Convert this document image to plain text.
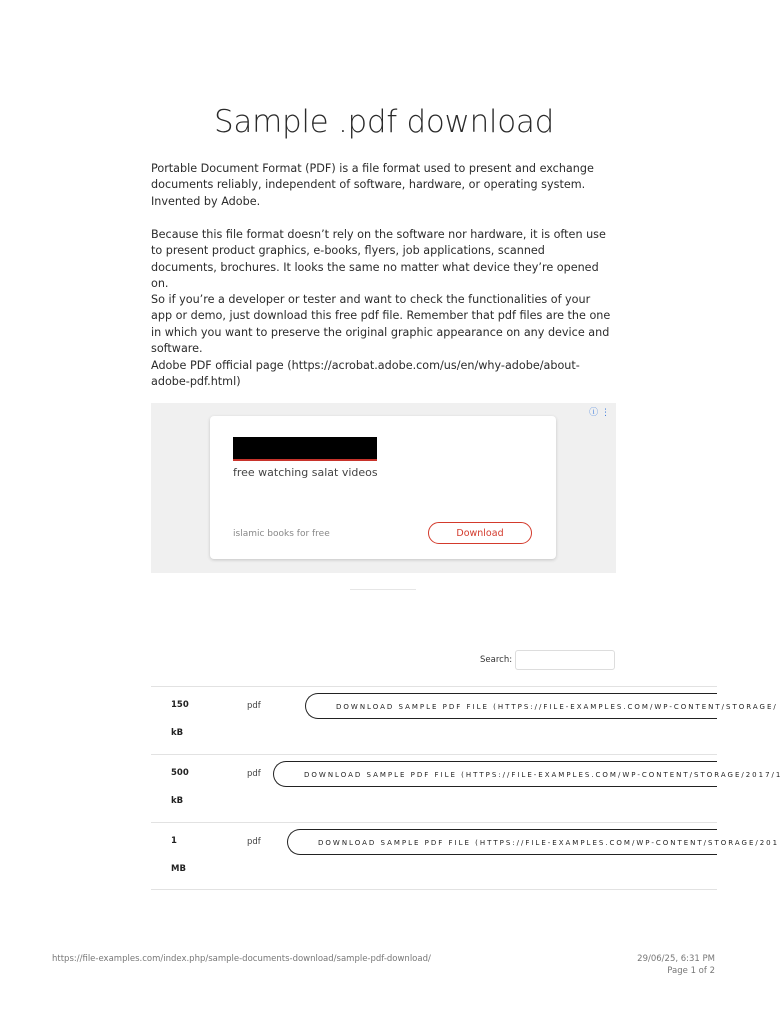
Sample .pdf download

Portable Document Format (PDF) is a file format used to present and exchange documents reliably, independent of software, hardware, or operating system. Invented by Adobe.

Because this file format doesn’t rely on the software nor hardware, it is often use to present product graphics, e-books, flyers, job applications, scanned documents, brochures. It looks the same no matter what device they’re opened on.

So if you’re a developer or tester and want to check the functionalities of your app or demo, just download this free pdf file. Remember that pdf files are the one in which you want to preserve the original graphic appearance on any device and software.

Adobe PDF official page (https://acrobat.adobe.com/us/en/why-adobe/about-adobe-pdf.html)

ⓘ ⋮
free watching salat videos
islamic books for free	Download
Search:
150
kB
pdf	DOWNLOAD SAMPLE PDF FILE (HTTPS://FILE-EXAMPLES.COM/WP-CONTENT/STORAGE/
500
kB
pdf	DOWNLOAD SAMPLE PDF FILE (HTTPS://FILE-EXAMPLES.COM/WP-CONTENT/STORAGE/2017/1
1
MB
pdf	DOWNLOAD SAMPLE PDF FILE (HTTPS://FILE-EXAMPLES.COM/WP-CONTENT/STORAGE/201
https://file-examples.com/index.php/sample-documents-download/sample-pdf-download/	29/06/25, 6:31 PM
Page 1 of 2
